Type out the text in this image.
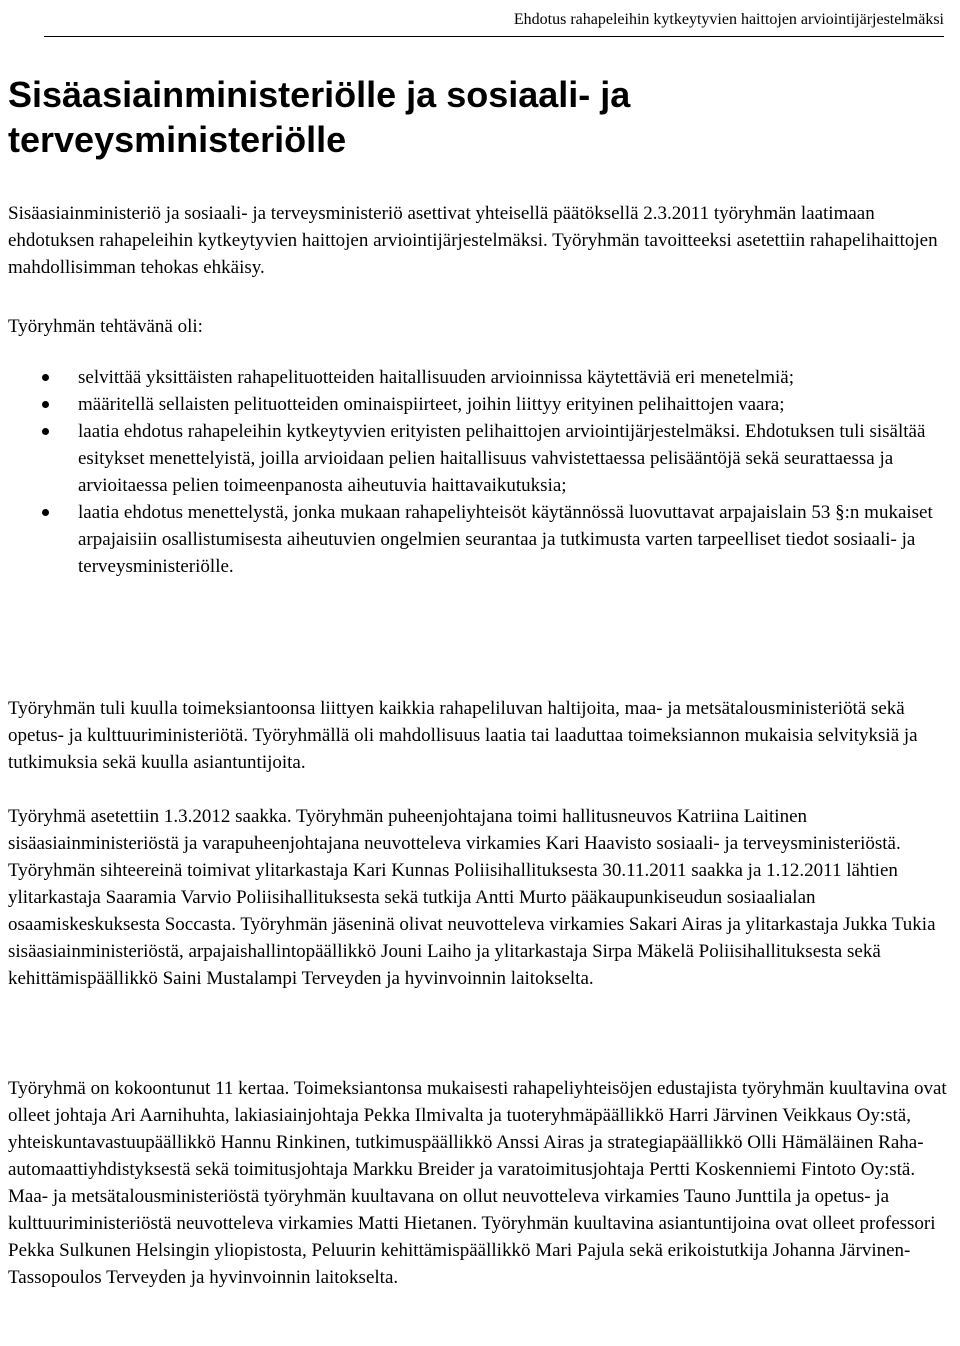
Ehdotus rahapeleihin kytkeytyvien haittojen arviointijärjestelmäksi
Sisäasiainministeriölle ja sosiaali- ja terveysministeriölle

Sisäasiainministeriö ja sosiaali- ja terveysministeriö asettivat yhteisellä päätöksellä 2.3.2011 työryhmän laatimaan ehdotuksen rahapeleihin kytkeytyvien haittojen arviointijärjestelmäksi. Työryhmän tavoitteeksi asetettiin rahapelihaittojen mahdollisimman tehokas ehkäisy.

Työryhmän tehtävänä oli:

selvittää yksittäisten rahapelituotteiden haitallisuuden arvioinnissa käytettäviä eri menetelmiä;
määritellä sellaisten pelituotteiden ominaispiirteet, joihin liittyy erityinen pelihaittojen vaara;
laatia ehdotus rahapeleihin kytkeytyvien erityisten pelihaittojen arviointijärjestelmäksi. Ehdotuksen tuli sisältää esitykset menettelyistä, joilla arvioidaan pelien haitallisuus vahvistettaessa pelisääntöjä sekä seurattaessa ja arvioitaessa pelien toimeenpanosta aiheutuvia haittavaikutuksia;
laatia ehdotus menettelystä, jonka mukaan rahapeliyhteisöt käytännössä luovuttavat arpajaislain 53 §:n mukaiset arpajaisiin osallistumisesta aiheutuvien ongelmien seurantaa ja tutkimusta varten tarpeelliset tiedot sosiaali- ja terveysministeriölle.

Työryhmän tuli kuulla toimeksiantoonsa liittyen kaikkia rahapeliluvan haltijoita, maa- ja metsätalousministeriötä sekä opetus- ja kulttuuriministeriötä. Työryhmällä oli mahdollisuus laatia tai laaduttaa toimeksiannon mukaisia selvityksiä ja tutkimuksia sekä kuulla asiantuntijoita.

Työryhmä asetettiin 1.3.2012 saakka. Työryhmän puheenjohtajana toimi hallitusneuvos Katriina Laitinen sisäasiainministeriöstä ja varapuheenjohtajana neuvotteleva virkamies Kari Haavisto sosiaali- ja terveysministeriöstä. Työryhmän sihteereinä toimivat ylitarkastaja Kari Kunnas Poliisihallituksesta 30.11.2011 saakka ja 1.12.2011 lähtien ylitarkastaja Saaramia Varvio Poliisihallituksesta sekä tutkija Antti Murto pääkaupunkiseudun sosiaalialan osaamiskeskuksesta Soccasta. Työryhmän jäseninä olivat neuvotteleva virkamies Sakari Airas ja ylitarkastaja Jukka Tukia sisäasiainministeriöstä, arpajaishallintopäällikkö Jouni Laiho ja ylitarkastaja Sirpa Mäkelä Poliisihallituksesta sekä kehittämispäällikkö Saini Mustalampi Terveyden ja hyvinvoinnin laitokselta.

Työryhmä on kokoontunut 11 kertaa. Toimeksiantonsa mukaisesti rahapeliyhteisöjen edustajista työryhmän kuultavina ovat olleet johtaja Ari Aarnihuhta, lakiasiainjohtaja Pekka Ilmivalta ja tuoteryhmäpäällikkö Harri Järvinen Veikkaus Oy:stä, yhteiskuntavastuupäällikkö Hannu Rinkinen, tutkimuspäällikkö Anssi Airas ja strategiapäällikkö Olli Hämäläinen Raha-automaattiyhdistyksestä sekä toimitusjohtaja Markku Breider ja varatoimitusjohtaja Pertti Koskenniemi Fintoto Oy:stä. Maa- ja metsätalousministeriöstä työryhmän kuultavana on ollut neuvotteleva virkamies Tauno Junttila ja opetus- ja kulttuuriministeriöstä neuvotteleva virkamies Matti Hietanen. Työryhmän kuultavina asiantuntijoina ovat olleet professori Pekka Sulkunen Helsingin yliopistosta, Peluurin kehittämispäällikkö Mari Pajula sekä erikoistutkija Johanna Järvinen-Tassopoulos Terveyden ja hyvinvoinnin laitokselta.
